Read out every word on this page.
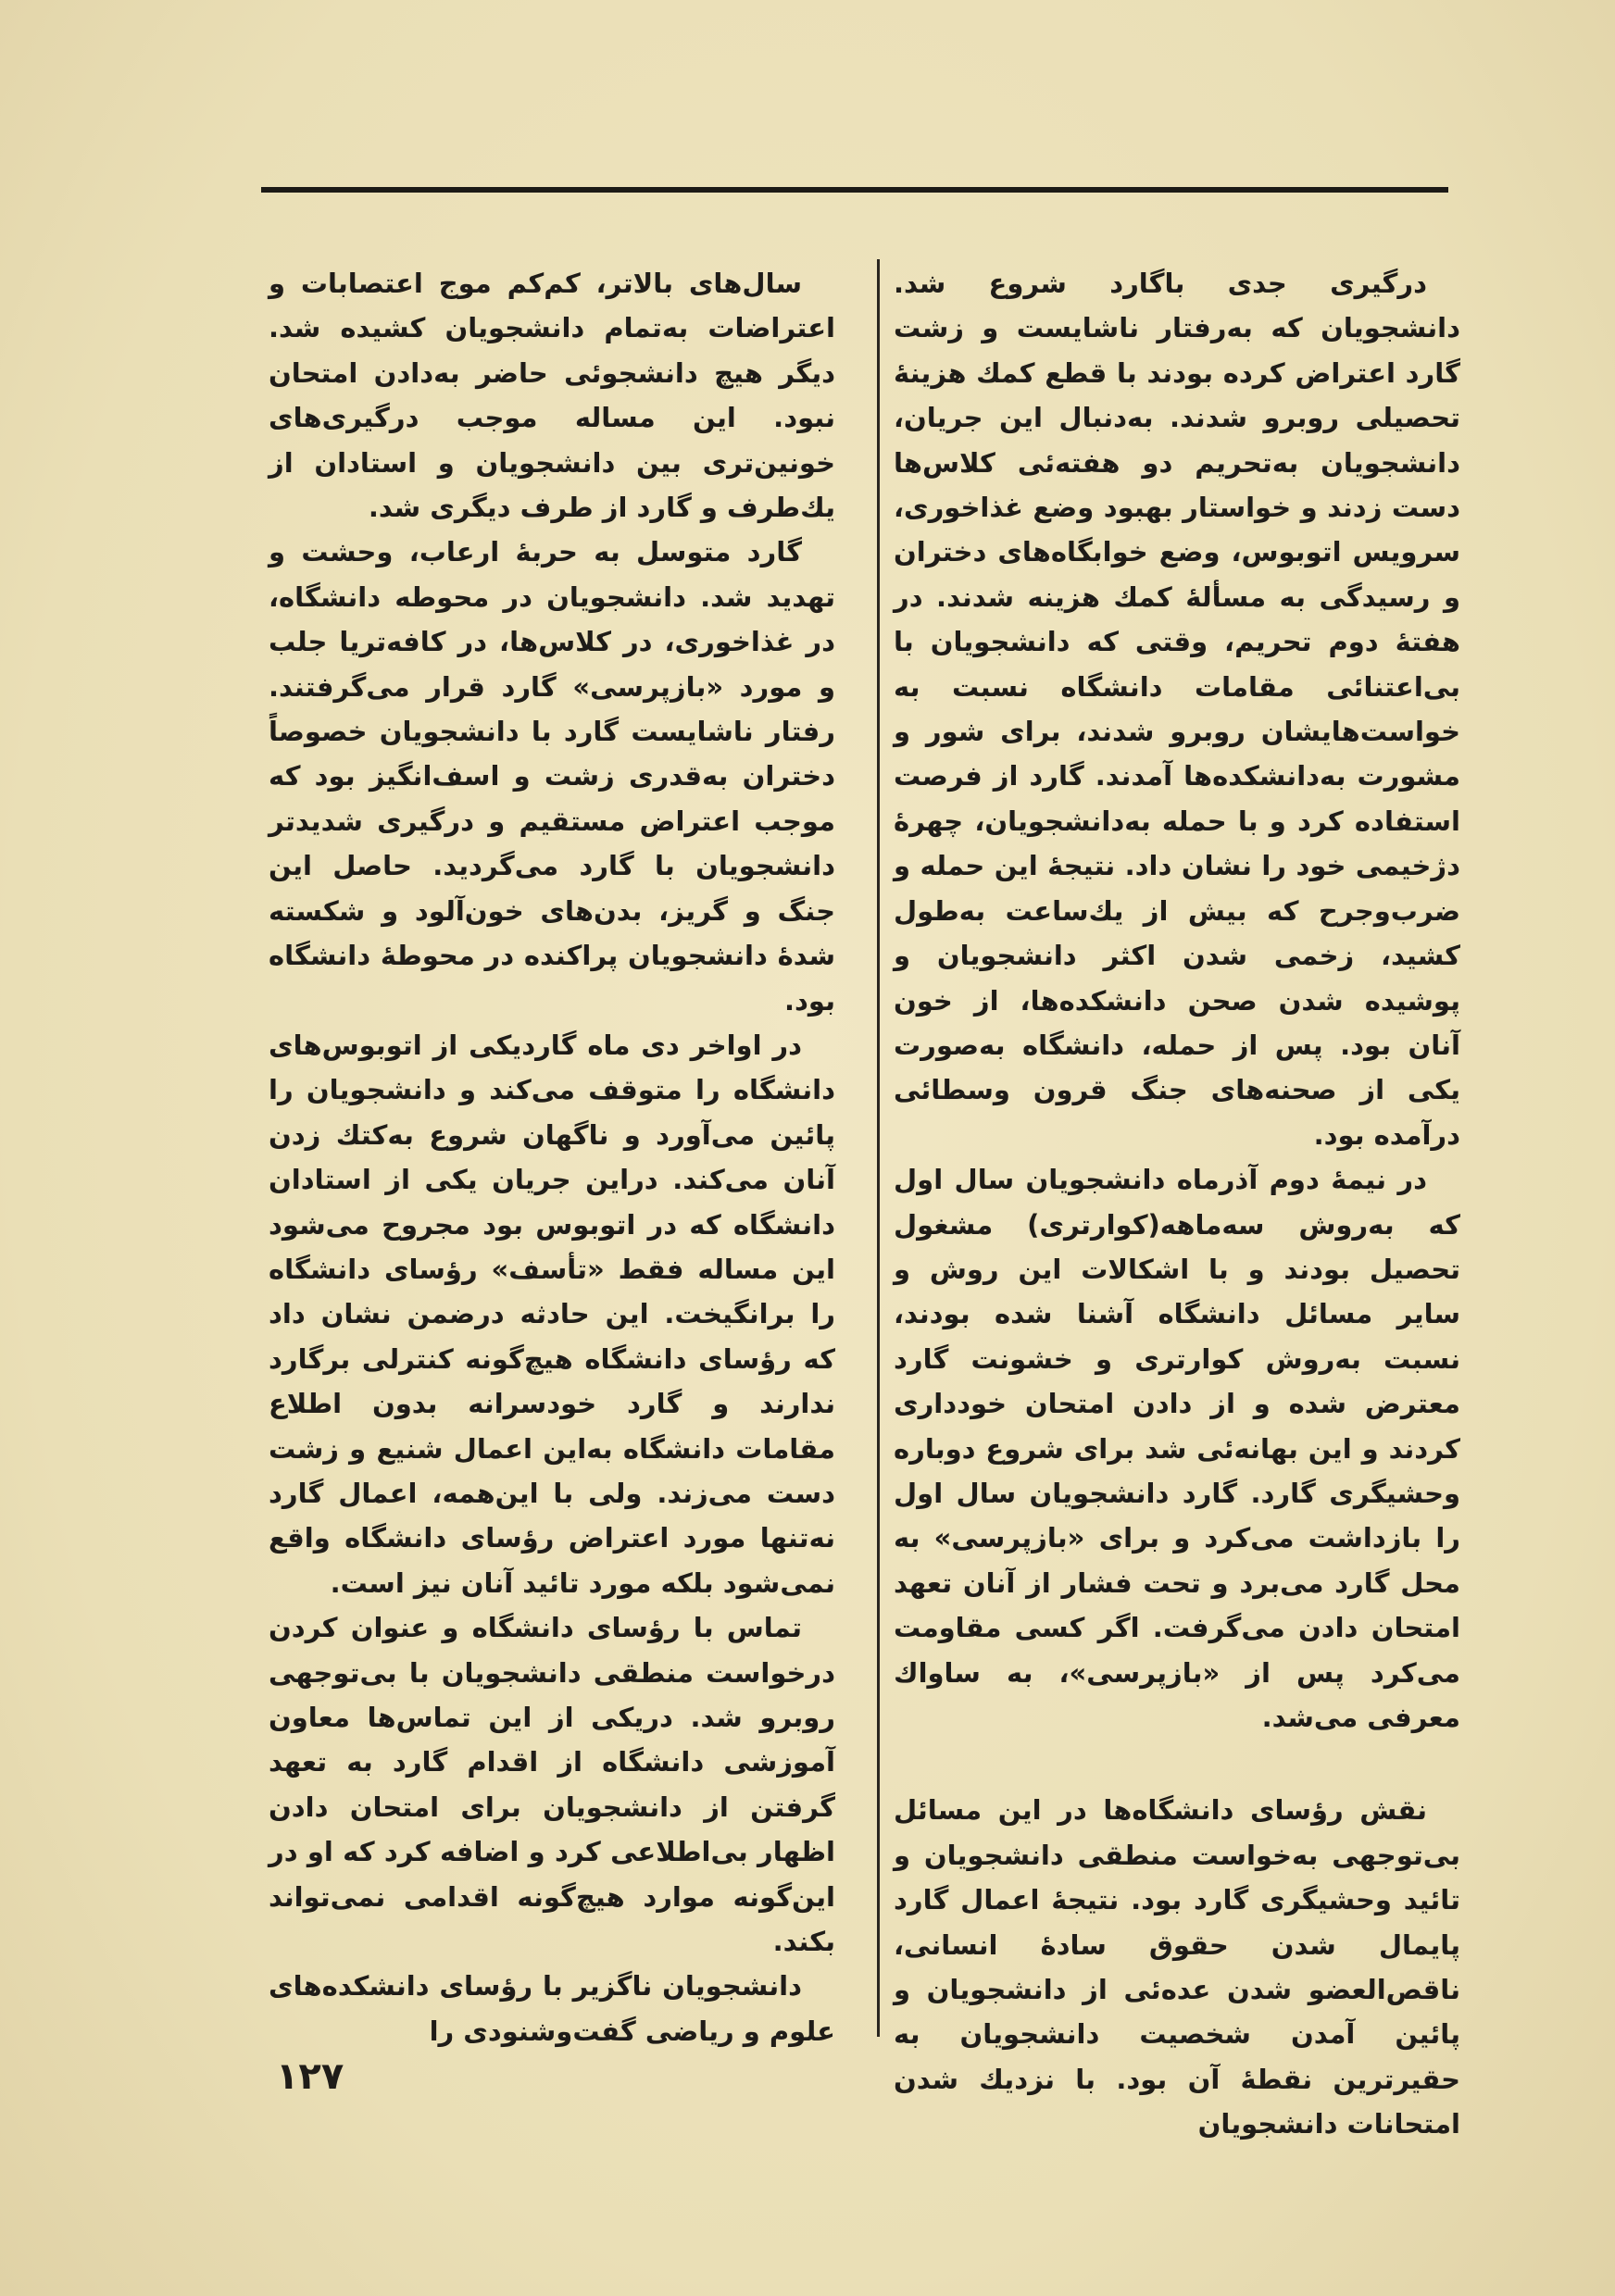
درگیری جدی باگارد شروع شد. دانشجویان که به‌رفتار ناشایست و زشت گارد اعتراض کرده بودند با قطع کمك هزینهٔ تحصیلی روبرو شدند. به‌دنبال این جریان، دانشجویان به‌تحریم دو هفته‌ئی کلاس‌ها دست زدند و خواستار بهبود وضع غذاخوری، سرویس اتوبوس، وضع خوابگاه‌های دختران و رسیدگی به مسألهٔ کمك هزینه شدند. در هفتهٔ دوم تحریم، وقتی که دانشجویان با بی‌اعتنائی مقامات دانشگاه نسبت به خواست‌هایشان روبرو شدند، برای شور و مشورت به‌دانشکده‌ها آمدند. گارد از فرصت استفاده کرد و با حمله به‌دانشجویان، چهرهٔ دژخیمی خود را نشان داد. نتیجهٔ این حمله و ضرب‌وجرح که بیش از یك‌ساعت به‌طول کشید، زخمی شدن اکثر دانشجویان و پوشیده شدن صحن دانشکده‌ها، از خون آنان بود. پس از حمله، دانشگاه به‌صورت یکی از صحنه‌های جنگ قرون وسطائی درآمده بود.

در نیمهٔ دوم آذرماه دانشجویان سال اول که به‌روش سه‌ماهه(کوارتری) مشغول تحصیل بودند و با اشکالات این روش و سایر مسائل دانشگاه آشنا شده بودند، نسبت به‌روش کوارتری و خشونت گارد معترض شده و از دادن امتحان خودداری کردند و این بهانه‌ئی شد برای شروع دوباره وحشیگری گارد. گارد دانشجویان سال اول را بازداشت می‌کرد و برای «بازپرسی» به محل گارد می‌برد و تحت فشار از آنان تعهد امتحان دادن می‌گرفت. اگر کسی مقاومت می‌کرد پس از «بازپرسی»، به ساواك معرفی می‌شد.

نقش رؤسای دانشگاه‌ها در این مسائل بی‌توجهی به‌خواست منطقی دانشجویان و تائید وحشیگری گارد بود. نتیجهٔ اعمال گارد پایمال شدن حقوق سادهٔ انسانی، ناقص‌العضو شدن عده‌ئی از دانشجویان و پائین آمدن شخصیت دانشجویان به حقیرترین نقطهٔ آن بود. با نزدیك شدن امتحانات دانشجویان

سال‌های بالاتر، کم‌کم موج اعتصابات و اعتراضات به‌تمام دانشجویان کشیده شد. دیگر هیچ دانشجوئی حاضر به‌دادن امتحان نبود. این مساله موجب درگیری‌های خونین‌تری بین دانشجویان و استادان از یك‌طرف و گارد از طرف دیگری شد.

گارد متوسل به حربهٔ ارعاب، وحشت و تهدید شد. دانشجویان در محوطه دانشگاه، در غذاخوری، در کلاس‌ها، در کافه‌تریا جلب و مورد «بازپرسی» گارد قرار می‌گرفتند. رفتار ناشایست گارد با دانشجویان خصوصاً دختران به‌قدری زشت و اسف‌انگیز بود که موجب اعتراض مستقیم و درگیری شدیدتر دانشجویان با گارد می‌گردید. حاصل این جنگ و گریز، بدن‌های خون‌آلود و شکسته شدهٔ دانشجویان پراکنده در محوطهٔ دانشگاه بود.

در اواخر دی ماه گاردیکی از اتوبوس‌های دانشگاه را متوقف می‌کند و دانشجویان را پائین می‌آورد و ناگهان شروع به‌کتك زدن آنان می‌کند. دراین جریان یکی از استادان دانشگاه که در اتوبوس بود مجروح می‌شود این مساله فقط «تأسف» رؤسای دانشگاه را برانگیخت. این حادثه درضمن نشان داد که رؤسای دانشگاه هیچ‌گونه کنترلی برگارد ندارند و گارد خودسرانه بدون اطلاع مقامات دانشگاه به‌این اعمال شنیع و زشت دست می‌زند. ولی با این‌همه، اعمال گارد نه‌تنها مورد اعتراض رؤسای دانشگاه واقع نمی‌شود بلکه مورد تائید آنان نیز است.

تماس با رؤسای دانشگاه و عنوان کردن درخواست منطقی دانشجویان با بی‌توجهی روبرو شد. دریکی از این تماس‌ها معاون آموزشی دانشگاه از اقدام گارد به تعهد گرفتن از دانشجویان برای امتحان دادن اظهار بی‌اطلاعی کرد و اضافه کرد که او در این‌گونه موارد هیچ‌گونه اقدامی نمی‌تواند بکند.

دانشجویان ناگزیر با رؤسای دانشکده‌های علوم و ریاضی گفت‌وشنودی را

۱۲۷
